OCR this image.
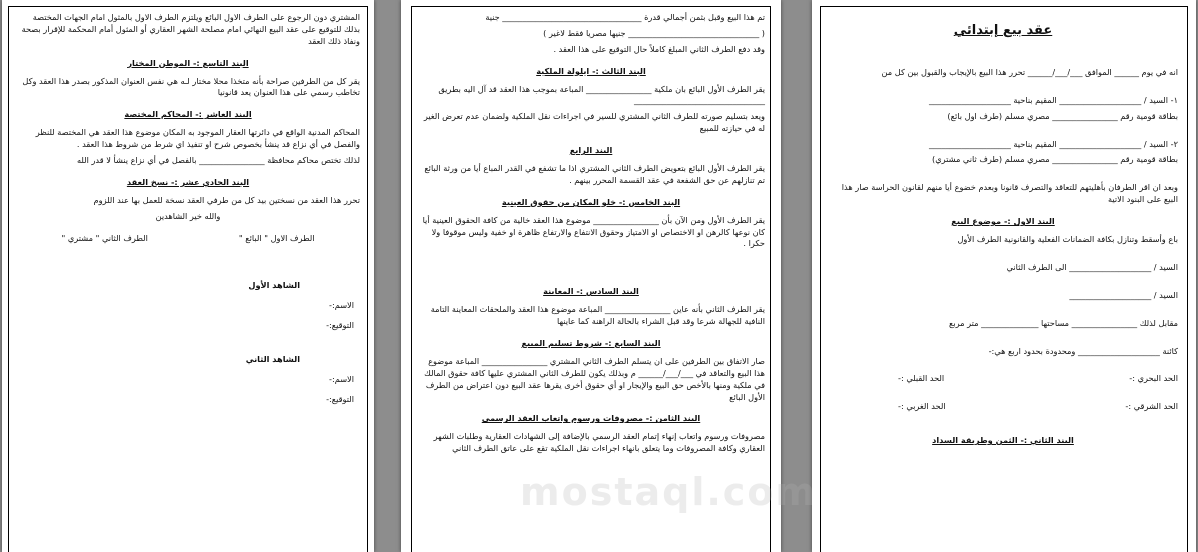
المشتري دون الرجوع على الطرف الاول البائع ويلتزم الطرف الاول بالمثول امام الجهات المختصة بذلك للتوقيع على عقد البيع النهائي امام مصلحة الشهر العقاري أو المثول أمام المحكمة للإقرار بصحة ونفاذ ذلك العقد

البند التاسع :- الموطن المختار

يقر كل من الطرفين صراحة بأنه متخذا محلا مختار لـه هي نفس العنوان المذكور بصدر هذا العقد وكل تخاطب رسمي على هذا العنوان يعد قانونيا

البند العاشر :- المحاكم المختصة

المحاكم المدنية الواقع في دائرتها العقار الموجود به المكان موضوع هذا العقد هي المختصة للنظر والفصل في أي نزاع قد ينشأ بخصوص شرح او تنفيذ اي شرط من شروط هذا العقد .

لذلك تختص محاكم محافظة ________________ بالفصل في أي نزاع ينشأ لا قدر الله

البند الحادي عشر :- نسخ العقد

تحرر هذا العقد من نسختين بيد كل من طرفي العقد نسخة للعمل بها عند اللزوم

والله خير الشاهدين

الطرف الاول " البائع "
الطرف الثاني " مشتري "
الشاهد الأول
الاسم:-
التوقيع:-
الشاهد الثاني
الاسم:-
التوقيع:-

تم هذا البيع وقبل بثمن أجمالي قدرة __________________________________ جنية

( ________________________________ جنيها مصريا فقط لاغير )

وقد دفع الطرف الثاني المبلغ كاملاً حال التوقيع على هذا العقد .

البند الثالث :- ايلولة الملكية

يقر الطرف الأول البائع بان ملكية ________________ المباعة بموجب هذا العقد قد آل اليه بطريق ________________________________

ويعد بتسليم صورته للطرف الثاني المشتري للسير في اجراءات نقل الملكية ولضمان عدم تعرض الغير له في حيازته للمبيع

البند الرابع

يقر الطرف الأول البائع بتعويض الطرف الثاني المشتري اذا ما تشفع في القدر المباع أيا من ورثة البائع تم تنازلهم عن حق الشفعة في عقد القسمة المحرر بينهم .

البند الخامس :- خلو المكان من حقوق العينية

يقر الطرف الأول ومن الآن بأن ________________ موضوع هذا العقد خالية من كافة الحقوق العينية أيا كان نوعها كالرهن او الاختصاص او الامتياز وحقوق الانتفاع والارتفاع ظاهرة او خفية وليس موقوفا ولا حكرا .

البند السادس :- المعاينة

يقر الطرف الثاني بأنه عاين ________________ المباعة موضوع هذا العقد والملحقات المعاينة التامة النافية للجهالة شرعا وقد قبل الشراء بالحالة الراهنة كما عاينها

البند السابع :- شروط تسليم المبيع

صار الاتفاق بين الطرفين على ان يتسلم الطرف الثاني المشتري ________________ المباعة موضوع هذا البيع والتعاقد في ___/___/______ م وبذلك يكون للطرف الثاني المشتري عليها كافة حقوق المالك في ملكية ومنها بالأخص حق البيع والإيجار او أي حقوق أخرى يقرها عقد البيع دون اعتراض من الطرف الأول البائع

البند الثامن :- مصروفات ورسوم واتعاب العقد الرسمى

مصروفات ورسوم واتعاب إنهاء إتمام العقد الرسمي بالإضافة إلى الشهادات العقارية وطلبات الشهر العقاري وكافة المصروفات وما يتعلق بانهاء اجراءات نقل الملكية تقع على عاتق الطرف الثاني

عقد بيع إبتدائي

انه في يوم ______ الموافق ___/___/______ تحرر هذا البيع بالإيجاب والقبول بين كل من

١- السيد / ____________________ المقيم بناحية ____________________

بطاقة قومية رقم ________________ مصري مسلم (طرف اول بائع)

٢- السيد / ____________________ المقيم بناحية ____________________

بطاقة قومية رقم ________________ مصري مسلم (طرف ثاني مشتري)

وبعد ان اقر الطرفان بأهليتهم للتعاقد والتصرف قانونا وبعدم خضوع أيا منهم لقانون الحراسة صار هذا البيع على البنود الاتية

البند الاول :- موضوع البيع

باع وأسقط وتنازل بكافة الضمانات الفعلية والقانونية الطرف الأول

السيد / ____________________ الى الطرف الثاني

السيد / ____________________

مقابل لذلك ________________ مساحتها ______________ متر مربع

كائنة ____________________ ومحدودة بحدود اربع هي:-

الحد البحري :-
الحد القبلي :-
الحد الشرقي :-
الحد الغربي :-
البند الثاني :- الثمن وطريقة السداد
mostaql.com
